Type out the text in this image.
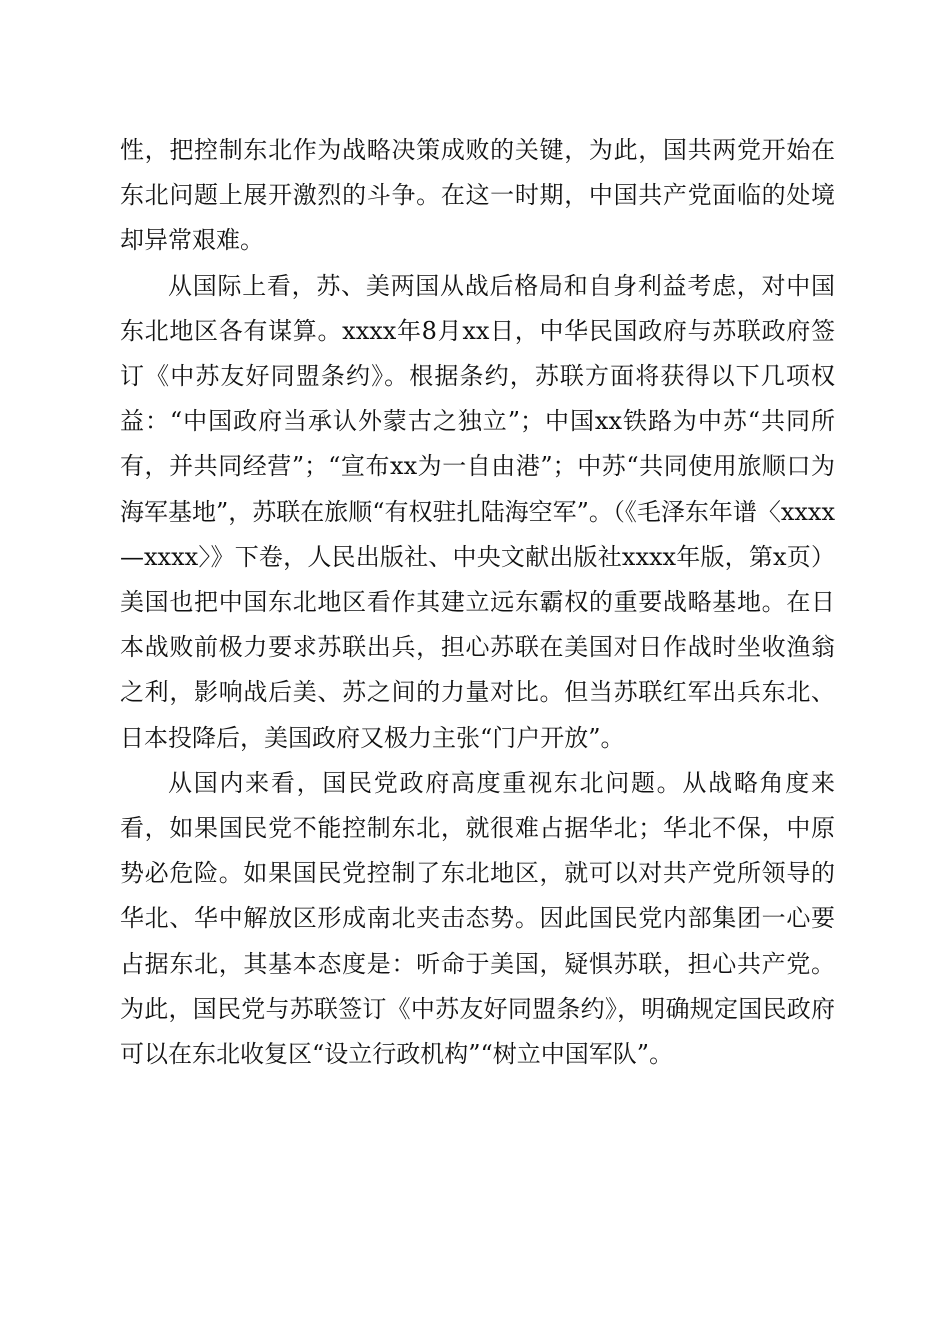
性，把控制东北作为战略决策成败的关键，为此，国共两党开始在东北问题上展开激烈的斗争。在这一时期，中国共产党面临的处境却异常艰难。

从国际上看，苏、美两国从战后格局和自身利益考虑，对中国东北地区各有谋算。xxxx年8月xx日，中华民国政府与苏联政府签订《中苏友好同盟条约》。根据条约，苏联方面将获得以下几项权益：“中国政府当承认外蒙古之独立”；中国xx铁路为中苏“共同所有，并共同经营”；“宣布xx为一自由港”；中苏“共同使用旅顺口为海军基地”，苏联在旅顺“有权驻扎陆海空军”。（《毛泽东年谱〈xxxx—xxxx〉》下卷，人民出版社、中央文献出版社xxxx年版，第x页）美国也把中国东北地区看作其建立远东霸权的重要战略基地。在日本战败前极力要求苏联出兵，担心苏联在美国对日作战时坐收渔翁之利，影响战后美、苏之间的力量对比。但当苏联红军出兵东北、日本投降后，美国政府又极力主张“门户开放”。

从国内来看，国民党政府高度重视东北问题。从战略角度来看，如果国民党不能控制东北，就很难占据华北；华北不保，中原势必危险。如果国民党控制了东北地区，就可以对共产党所领导的华北、华中解放区形成南北夹击态势。因此国民党内部集团一心要占据东北，其基本态度是：听命于美国，疑惧苏联，担心共产党。为此，国民党与苏联签订《中苏友好同盟条约》，明确规定国民政府可以在东北收复区“设立行政机构”“树立中国军队”。
